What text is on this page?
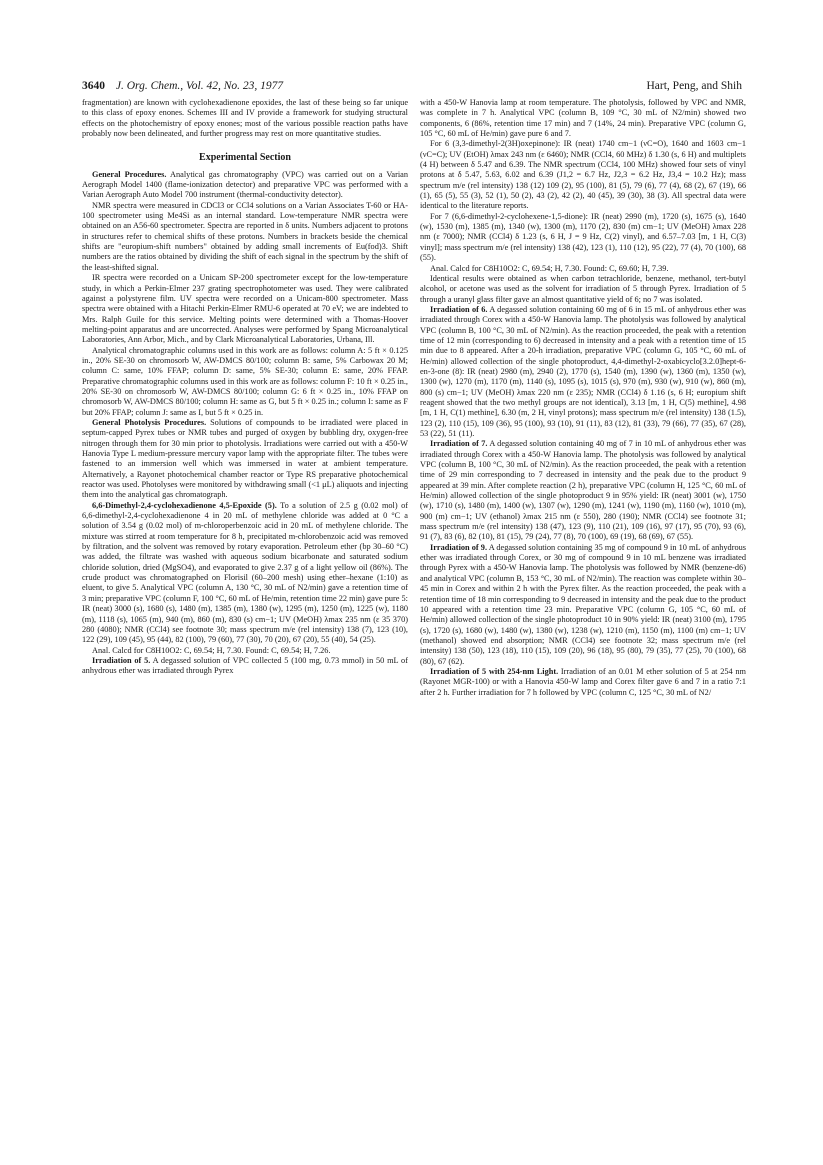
3640 J. Org. Chem., Vol. 42, No. 23, 1977	Hart, Peng, and Shih

fragmentation) are known with cyclohexadienone epoxides, the last of these being so far unique to this class of epoxy enones. Schemes III and IV provide a framework for studying structural effects on the photochemistry of epoxy enones; most of the various possible reaction paths have probably now been delineated, and further progress may rest on more quantitative studies.

Experimental Section

General Procedures. Analytical gas chromatography (VPC) was carried out on a Varian Aerograph Model 1400 (flame-ionization detector) and preparative VPC was performed with a Varian Aerograph Auto Model 700 instrument (thermal-conductivity detector).

NMR spectra were measured in CDCl3 or CCl4 solutions on a Varian Associates T-60 or HA-100 spectrometer using Me4Si as an internal standard. Low-temperature NMR spectra were obtained on an A56-60 spectrometer. Spectra are reported in δ units. Numbers adjacent to protons in structures refer to chemical shifts of these protons. Numbers in brackets beside the chemical shifts are "europium-shift numbers" obtained by adding small increments of Eu(fod)3. Shift numbers are the ratios obtained by dividing the shift of each signal in the spectrum by the shift of the least-shifted signal.

IR spectra were recorded on a Unicam SP-200 spectrometer except for the low-temperature study, in which a Perkin-Elmer 237 grating spectrophotometer was used. They were calibrated against a polystyrene film. UV spectra were recorded on a Unicam-800 spectrometer. Mass spectra were obtained with a Hitachi Perkin-Elmer RMU-6 operated at 70 eV; we are indebted to Mrs. Ralph Guile for this service. Melting points were determined with a Thomas-Hoover melting-point apparatus and are uncorrected. Analyses were performed by Spang Microanalytical Laboratories, Ann Arbor, Mich., and by Clark Microanalytical Laboratories, Urbana, Ill.

Analytical chromatographic columns used in this work are as follows: column A: 5 ft × 0.125 in., 20% SE-30 on chromosorb W, AW-DMCS 80/100; column B: same, 5% Carbowax 20 M; column C: same, 10% FFAP; column D: same, 5% SE-30; column E: same, 20% FFAP. Preparative chromatographic columns used in this work are as follows: column F: 10 ft × 0.25 in., 20% SE-30 on chromosorb W, AW-DMCS 80/100; column G: 6 ft × 0.25 in., 10% FFAP on chromosorb W, AW-DMCS 80/100; column H: same as G, but 5 ft × 0.25 in.; column I: same as F but 20% FFAP; column J: same as I, but 5 ft × 0.25 in.

General Photolysis Procedures. Solutions of compounds to be irradiated were placed in septum-capped Pyrex tubes or NMR tubes and purged of oxygen by bubbling dry, oxygen-free nitrogen through them for 30 min prior to photolysis. Irradiations were carried out with a 450-W Hanovia Type L medium-pressure mercury vapor lamp with the appropriate filter. The tubes were fastened to an immersion well which was immersed in water at ambient temperature. Alternatively, a Rayonet photochemical chamber reactor or Type RS preparative photochemical reactor was used. Photolyses were monitored by withdrawing small (<1 μL) aliquots and injecting them into the analytical gas chromatograph.

6,6-Dimethyl-2,4-cyclohexadienone 4,5-Epoxide (5). To a solution of 2.5 g (0.02 mol) of 6,6-dimethyl-2,4-cyclohexadienone 4 in 20 mL of methylene chloride was added at 0 °C a solution of 3.54 g (0.02 mol) of m-chloroperbenzoic acid in 20 mL of methylene chloride. The mixture was stirred at room temperature for 8 h, precipitated m-chlorobenzoic acid was removed by filtration, and the solvent was removed by rotary evaporation. Petroleum ether (bp 30–60 °C) was added, the filtrate was washed with aqueous sodium bicarbonate and saturated sodium chloride solution, dried (MgSO4), and evaporated to give 2.37 g of a light yellow oil (86%). The crude product was chromatographed on Florisil (60–200 mesh) using ether–hexane (1:10) as eluent, to give 5. Analytical VPC (column A, 130 °C, 30 mL of N2/min) gave a retention time of 3 min; preparative VPC (column F, 100 °C, 60 mL of He/min, retention time 22 min) gave pure 5: IR (neat) 3000 (s), 1680 (s), 1480 (m), 1385 (m), 1380 (w), 1295 (m), 1250 (m), 1225 (w), 1180 (m), 1118 (s), 1065 (m), 940 (m), 860 (m), 830 (s) cm−1; UV (MeOH) λmax 235 nm (ε 35 370) 280 (4080); NMR (CCl4) see footnote 30; mass spectrum m/e (rel intensity) 138 (7), 123 (10), 122 (29), 109 (45), 95 (44), 82 (100), 79 (60), 77 (30), 70 (20), 67 (20), 55 (40), 54 (25).

Anal. Calcd for C8H10O2: C, 69.54; H, 7.30. Found: C, 69.54; H, 7.26.

Irradiation of 5. A degassed solution of VPC collected 5 (100 mg, 0.73 mmol) in 50 mL of anhydrous ether was irradiated through Pyrex

with a 450-W Hanovia lamp at room temperature. The photolysis, followed by VPC and NMR, was complete in 7 h. Analytical VPC (column B, 109 °C, 30 mL of N2/min) showed two components, 6 (86%, retention time 17 min) and 7 (14%, 24 min). Preparative VPC (column G, 105 °C, 60 mL of He/min) gave pure 6 and 7.

For 6 (3,3-dimethyl-2(3H)oxepinone): IR (neat) 1740 cm−1 (νC=O), 1640 and 1603 cm−1 (νC=C); UV (EtOH) λmax 243 nm (ε 6460); NMR (CCl4, 60 MHz) δ 1.30 (s, 6 H) and multiplets (4 H) between δ 5.47 and 6.39. The NMR spectrum (CCl4, 100 MHz) showed four sets of vinyl protons at δ 5.47, 5.63, 6.02 and 6.39 (J1,2 = 6.7 Hz, J2,3 = 6.2 Hz, J3,4 = 10.2 Hz); mass spectrum m/e (rel intensity) 138 (12) 109 (2), 95 (100), 81 (5), 79 (6), 77 (4), 68 (2), 67 (19), 66 (1), 65 (5), 55 (3), 52 (1), 50 (2), 43 (2), 42 (2), 40 (45), 39 (30), 38 (3). All spectral data were identical to the literature reports.

For 7 (6,6-dimethyl-2-cyclohexene-1,5-dione): IR (neat) 2990 (m), 1720 (s), 1675 (s), 1640 (w), 1530 (m), 1385 (m), 1340 (w), 1300 (m), 1170 (2), 830 (m) cm−1; UV (MeOH) λmax 228 nm (ε 7000); NMR (CCl4) δ 1.23 (s, 6 H, J = 9 Hz, C(2) vinyl), and 6.57–7.03 [m, 1 H, C(3) vinyl]; mass spectrum m/e (rel intensity) 138 (42), 123 (1), 110 (12), 95 (22), 77 (4), 70 (100), 68 (55).

Anal. Calcd for C8H10O2: C, 69.54; H, 7.30. Found: C, 69.60; H, 7.39.

Identical results were obtained as when carbon tetrachloride, benzene, methanol, tert-butyl alcohol, or acetone was used as the solvent for irradiation of 5 through Pyrex. Irradiation of 5 through a uranyl glass filter gave an almost quantitative yield of 6; no 7 was isolated.

Irradiation of 6. A degassed solution containing 60 mg of 6 in 15 mL of anhydrous ether was irradiated through Corex with a 450-W Hanovia lamp. The photolysis was followed by analytical VPC (column B, 100 °C, 30 mL of N2/min). As the reaction proceeded, the peak with a retention time of 12 min (corresponding to 6) decreased in intensity and a peak with a retention time of 15 min due to 8 appeared. After a 20-h irradiation, preparative VPC (column G, 105 °C, 60 mL of He/min) allowed collection of the single photoproduct, 4,4-dimethyl-2-oxabicyclo[3.2.0]hept-6-en-3-one (8): IR (neat) 2980 (m), 2940 (2), 1770 (s), 1540 (m), 1390 (w), 1360 (m), 1350 (w), 1300 (w), 1270 (m), 1170 (m), 1140 (s), 1095 (s), 1015 (s), 970 (m), 930 (w), 910 (w), 860 (m), 800 (s) cm−1; UV (MeOH) λmax 220 nm (ε 235); NMR (CCl4) δ 1.16 (s, 6 H; europium shift reagent showed that the two methyl groups are not identical), 3.13 [m, 1 H, C(5) methine], 4.98 [m, 1 H, C(1) methine], 6.30 (m, 2 H, vinyl protons); mass spectrum m/e (rel intensity) 138 (1.5), 123 (2), 110 (15), 109 (36), 95 (100), 93 (10), 91 (11), 83 (12), 81 (33), 79 (66), 77 (35), 67 (28), 53 (22), 51 (11).

Irradiation of 7. A degassed solution containing 40 mg of 7 in 10 mL of anhydrous ether was irradiated through Corex with a 450-W Hanovia lamp. The photolysis was followed by analytical VPC (column B, 100 °C, 30 mL of N2/min). As the reaction proceeded, the peak with a retention time of 29 min corresponding to 7 decreased in intensity and the peak due to the product 9 appeared at 39 min. After complete reaction (2 h), preparative VPC (column H, 125 °C, 60 mL of He/min) allowed collection of the single photoproduct 9 in 95% yield: IR (neat) 3001 (w), 1750 (w), 1710 (s), 1480 (m), 1400 (w), 1307 (w), 1290 (m), 1241 (w), 1190 (m), 1160 (w), 1010 (m), 900 (m) cm−1; UV (ethanol) λmax 215 nm (ε 550), 280 (190); NMR (CCl4) see footnote 31; mass spectrum m/e (rel intensity) 138 (47), 123 (9), 110 (21), 109 (16), 97 (17), 95 (70), 93 (6), 91 (7), 83 (6), 82 (10), 81 (15), 79 (24), 77 (8), 70 (100), 69 (19), 68 (69), 67 (55).

Irradiation of 9. A degassed solution containing 35 mg of compound 9 in 10 mL of anhydrous ether was irradiated through Corex, or 30 mg of compound 9 in 10 mL benzene was irradiated through Pyrex with a 450-W Hanovia lamp. The photolysis was followed by NMR (benzene-d6) and analytical VPC (column B, 153 °C, 30 mL of N2/min). The reaction was complete within 30–45 min in Corex and within 2 h with the Pyrex filter. As the reaction proceeded, the peak with a retention time of 18 min corresponding to 9 decreased in intensity and the peak due to the product 10 appeared with a retention time 23 min. Preparative VPC (column G, 105 °C, 60 mL of He/min) allowed collection of the single photoproduct 10 in 90% yield: IR (neat) 3100 (m), 1795 (s), 1720 (s), 1680 (w), 1480 (w), 1380 (w), 1238 (w), 1210 (m), 1150 (m), 1100 (m) cm−1; UV (methanol) showed end absorption; NMR (CCl4) see footnote 32; mass spectrum m/e (rel intensity) 138 (50), 123 (18), 110 (15), 109 (20), 96 (18), 95 (80), 79 (35), 77 (25), 70 (100), 68 (80), 67 (62).

Irradiation of 5 with 254-nm Light. Irradiation of an 0.01 M ether solution of 5 at 254 nm (Rayonet MGR-100) or with a Hanovia 450-W lamp and Corex filter gave 6 and 7 in a ratio 7:1 after 2 h. Further irradiation for 7 h followed by VPC (column C, 125 °C, 30 mL of N2/
